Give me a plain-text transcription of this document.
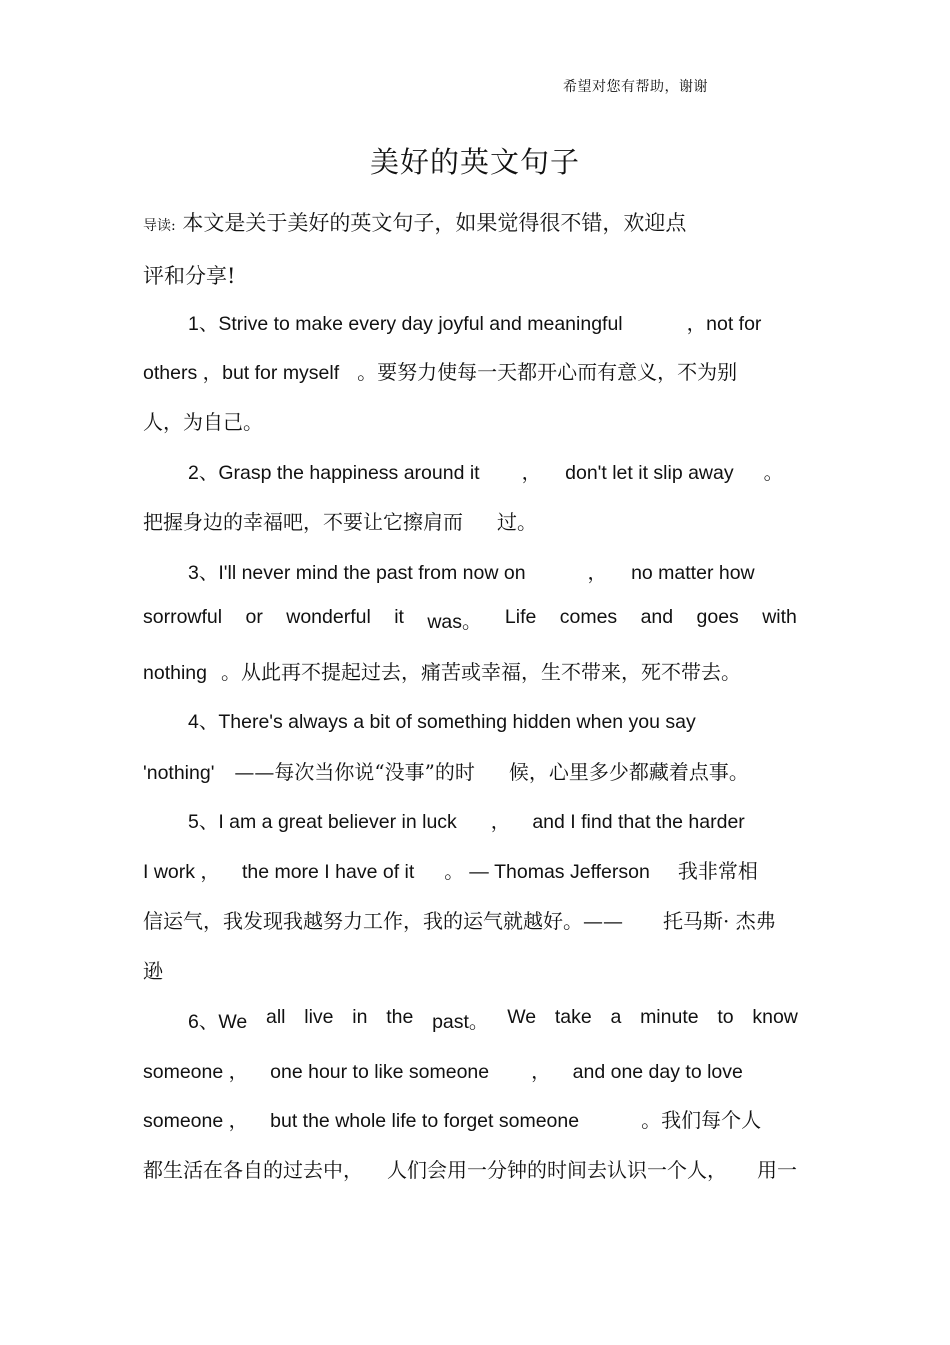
希望对您有帮助，谢谢
美好的英文句子
导读: 本文是关于美好的英文句子，如果觉得很不错，欢迎点
评和分享!
1、Strive to make every day joyful and meaningful	，not for
others ，but for myself 。要努力使每一天都开心而有意义，不为别
人，为自己。
2、Grasp the happiness around it ， don't let it slip away 。
把握身边的幸福吧，不要让它擦肩而 过。
3、I'll never mind the past from now on	， no matter how
sorrowful or wonderful it was。 Life comes and goes with
nothing 。从此再不提起过去，痛苦或幸福，生不带来，死不带去。
4、There's always a bit of something hidden when you say
'nothing' ——每次当你说“没事”的时 候，心里多少都藏着点事。
5、I am a great believer in luck ， and I find that the harder
I work ， the more I have of it 。 — Thomas Jefferson 我非常相
信运气，我发现我越努力工作，我的运气就越好。—— 托马斯· 杰弗
逊
6、We all live in the past。 We take a minute to know
someone ， one hour to like someone ， and one day to love
someone ， but the whole life to forget someone	。我们每个人
都生活在各自的过去中， 人们会用一分钟的时间去认识一个人， 用一
